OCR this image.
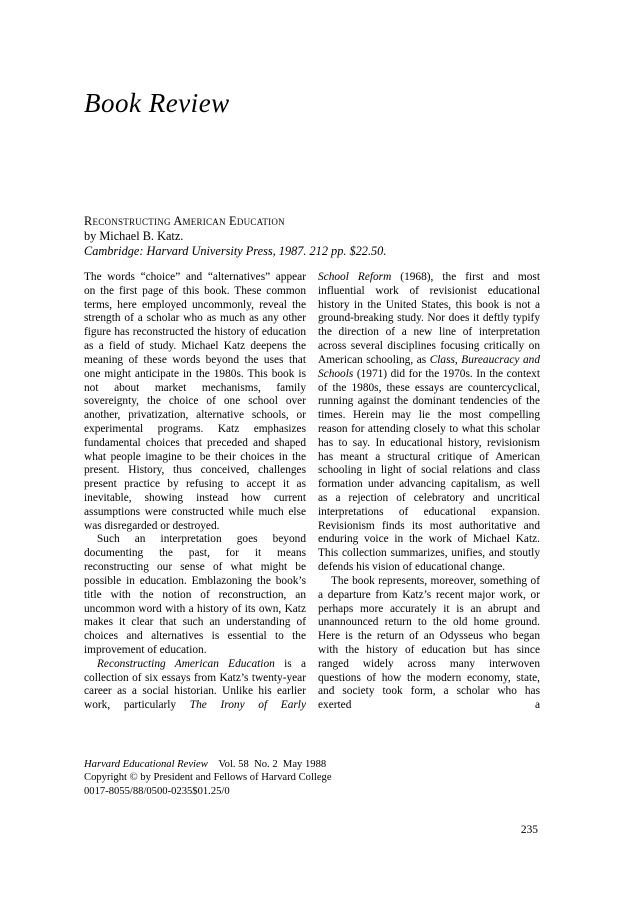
Book Review
Reconstructing American Education
by Michael B. Katz.
Cambridge: Harvard University Press, 1987. 212 pp. $22.50.

The words “choice” and “alternatives” appear on the first page of this book. These common terms, here employed uncommonly, reveal the strength of a scholar who as much as any other figure has reconstructed the history of education as a field of study. Michael Katz deepens the meaning of these words beyond the uses that one might anticipate in the 1980s. This book is not about market mechanisms, family sovereignty, the choice of one school over another, privatization, alternative schools, or experimental programs. Katz emphasizes fundamental choices that preceded and shaped what people imagine to be their choices in the present. History, thus conceived, challenges present practice by refusing to accept it as inevitable, showing instead how current assumptions were constructed while much else was disregarded or destroyed.

Such an interpretation goes beyond documenting the past, for it means reconstructing our sense of what might be possible in education. Emblazoning the book’s title with the notion of reconstruction, an uncommon word with a history of its own, Katz makes it clear that such an understanding of choices and alternatives is essential to the improvement of education.

Reconstructing American Education is a collection of six essays from Katz’s twenty-year career as a social historian. Unlike his earlier work, particularly The Irony of Early

School Reform (1968), the first and most influential work of revisionist educational history in the United States, this book is not a ground-breaking study. Nor does it deftly typify the direction of a new line of interpretation across several disciplines focusing critically on American schooling, as Class, Bureaucracy and Schools (1971) did for the 1970s. In the context of the 1980s, these essays are countercyclical, running against the dominant tendencies of the times. Herein may lie the most compelling reason for attending closely to what this scholar has to say. In educational history, revisionism has meant a structural critique of American schooling in light of social relations and class formation under advancing capitalism, as well as a rejection of celebratory and uncritical interpretations of educational expansion. Revisionism finds its most authoritative and enduring voice in the work of Michael Katz. This collection summarizes, unifies, and stoutly defends his vision of educational change.

The book represents, moreover, something of a departure from Katz’s recent major work, or perhaps more accurately it is an abrupt and unannounced return to the old home ground. Here is the return of an Odysseus who began with the history of education but has since ranged widely across many interwoven questions of how the modern economy, state, and society took form, a scholar who has exerted a

Harvard Educational Review Vol. 58 No. 2 May 1988
Copyright © by President and Fellows of Harvard College
0017-8055/88/0500-0235$01.25/0
235
